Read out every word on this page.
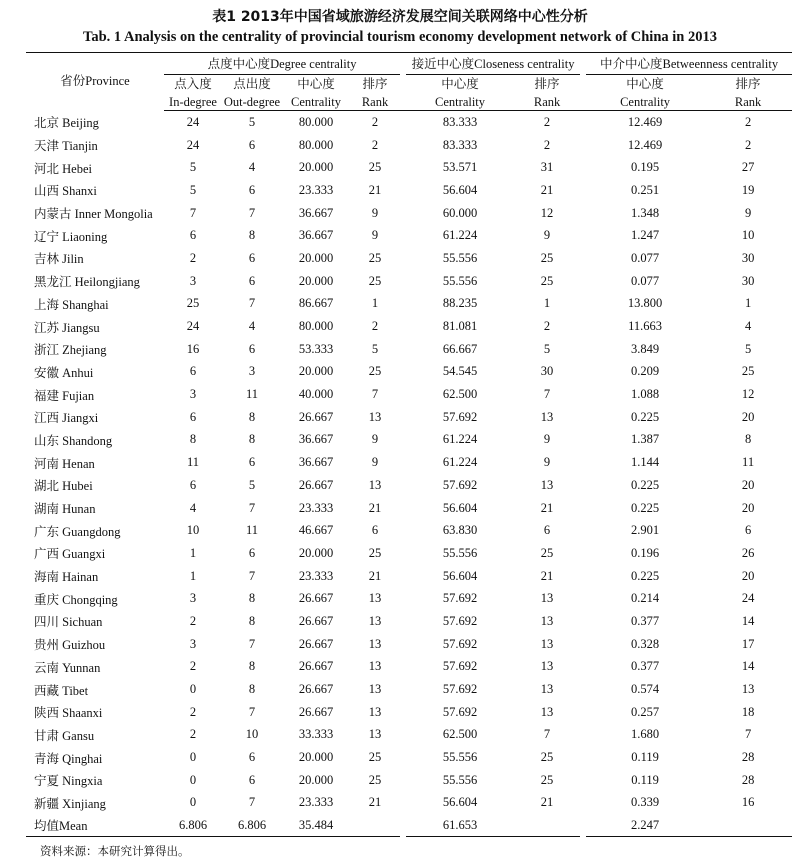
表1 2013年中国省域旅游经济发展空间关联网络中心性分析
Tab. 1 Analysis on the centrality of provincial tourism economy development network of China in 2013
省份Province	点度中心度Degree centrality					接近中心度Closeness centrality			中介中心度Betweenness centrality	
	点入度	点出度	中心度	排序		中心度	排序		中心度	排序
	In-degree	Out-degree	Centrality	Rank		Centrality	Rank		Centrality	Rank
北京 Beijing	24	5	80.000	2		83.333	2		12.469	2
天津 Tianjin	24	6	80.000	2		83.333	2		12.469	2
河北 Hebei	5	4	20.000	25		53.571	31		0.195	27
山西 Shanxi	5	6	23.333	21		56.604	21		0.251	19
内蒙古 Inner Mongolia	7	7	36.667	9		60.000	12		1.348	9
辽宁 Liaoning	6	8	36.667	9		61.224	9		1.247	10
吉林 Jilin	2	6	20.000	25		55.556	25		0.077	30
黑龙江 Heilongjiang	3	6	20.000	25		55.556	25		0.077	30
上海 Shanghai	25	7	86.667	1		88.235	1		13.800	1
江苏 Jiangsu	24	4	80.000	2		81.081	2		11.663	4
浙江 Zhejiang	16	6	53.333	5		66.667	5		3.849	5
安徽 Anhui	6	3	20.000	25		54.545	30		0.209	25
福建 Fujian	3	11	40.000	7		62.500	7		1.088	12
江西 Jiangxi	6	8	26.667	13		57.692	13		0.225	20
山东 Shandong	8	8	36.667	9		61.224	9		1.387	8
河南 Henan	11	6	36.667	9		61.224	9		1.144	11
湖北 Hubei	6	5	26.667	13		57.692	13		0.225	20
湖南 Hunan	4	7	23.333	21		56.604	21		0.225	20
广东 Guangdong	10	11	46.667	6		63.830	6		2.901	6
广西 Guangxi	1	6	20.000	25		55.556	25		0.196	26
海南 Hainan	1	7	23.333	21		56.604	21		0.225	20
重庆 Chongqing	3	8	26.667	13		57.692	13		0.214	24
四川 Sichuan	2	8	26.667	13		57.692	13		0.377	14
贵州 Guizhou	3	7	26.667	13		57.692	13		0.328	17
云南 Yunnan	2	8	26.667	13		57.692	13		0.377	14
西藏 Tibet	0	8	26.667	13		57.692	13		0.574	13
陕西 Shaanxi	2	7	26.667	13		57.692	13		0.257	18
甘肃 Gansu	2	10	33.333	13		62.500	7		1.680	7
青海 Qinghai	0	6	20.000	25		55.556	25		0.119	28
宁夏 Ningxia	0	6	20.000	25		55.556	25		0.119	28
新疆 Xinjiang	0	7	23.333	21		56.604	21		0.339	16
均值Mean	6.806	6.806	35.484			61.653			2.247	
资料来源：本研究计算得出。
